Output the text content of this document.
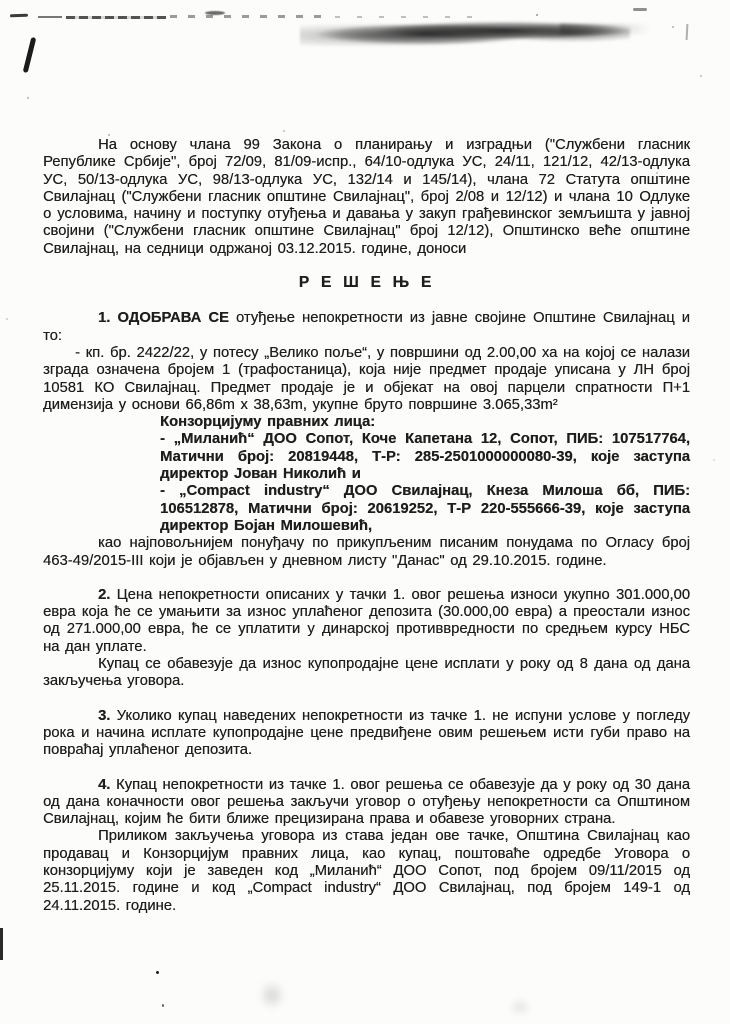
На основу члана 99 Закона о планирању и изградњи ("Службени гласник Републике Србије", број 72/09, 81/09-испр., 64/10-одлука УС, 24/11, 121/12, 42/13-одлука УС, 50/13-одлука УС, 98/13-одлука УС, 132/14 и 145/14), члана 72 Статута општине Свилајнац ("Службени гласник општине Свилајнац", број 2/08 и 12/12) и члана 10 Одлуке о условима, начину и поступку отуђења и давања у закуп грађевинског земљишта у јавној својини ("Службени гласник општине Свилајнац" број 12/12), Општинско веће општине Свилајнац, на седници одржаној 03.12.2015. године, доноси

Р Е Ш Е Њ Е

1. ОДОБРАВА СЕ отуђење непокретности из јавне својине Општине Свилајнац и то:

- кп. бр. 2422/22, у потесу „Велико поље“, у површини од 2.00,00 ха на којој се налази зграда означена бројем 1 (трафостаница), која није предмет продаје уписана у ЛН број 10581 КО Свилајнац. Предмет продаје је и објекат на овој парцели спратности П+1 димензија у основи 66,86m x 38,63m, укупне бруто површине 3.065,33m²

Конзорцијуму правних лица:

- „Миланић“ ДОО Сопот, Коче Капетана 12, Сопот, ПИБ: 107517764, Матични број: 20819448, Т-Р: 285-2501000000080-39, које заступа директор Јован Николић и

- „Compact industry“ ДОО Свилајнац, Кнеза Милоша бб, ПИБ: 106512878, Матични број: 20619252, Т-Р 220-555666-39, које заступа директор Бојан Милошевић,

као најповољнијем понуђачу по прикупљеним писаним понудама по Огласу број 463-49/2015-III који је објављен у дневном листу "Данас" од 29.10.2015. године.

2. Цена непокретности описаних у тачки 1. овог решења износи укупно 301.000,00 евра која ће се умањити за износ уплаћеног депозита (30.000,00 евра) а преостали износ од 271.000,00 евра, ће се уплатити у динарској противвредности по средњем курсу НБС на дан уплате.

Купац се обавезује да износ купопродајне цене исплати у року од 8 дана од дана закључења уговора.

3. Уколико купац наведених непокретности из тачке 1. не испуни услове у погледу рока и начина исплате купопродајне цене предвиђене овим решењем исти губи право на повраћај уплаћеног депозита.

4. Купац непокретности из тачке 1. овог решења се обавезује да у року од 30 дана од дана коначности овог решења закључи уговор о отуђењу непокретности са Општином Свилајнац, којим ће бити ближе прецизирана права и обавезе уговорних страна.

Приликом закључења уговора из става један ове тачке, Општина Свилајнац као продавац и Конзорцијум правних лица, као купац, поштоваће одредбе Уговора о конзорцијуму који је заведен код „Миланић“ ДОО Сопот, под бројем 09/11/2015 од 25.11.2015. године и код „Compact industry“ ДОО Свилајнац, под бројем 149-1 од 24.11.2015. године.
